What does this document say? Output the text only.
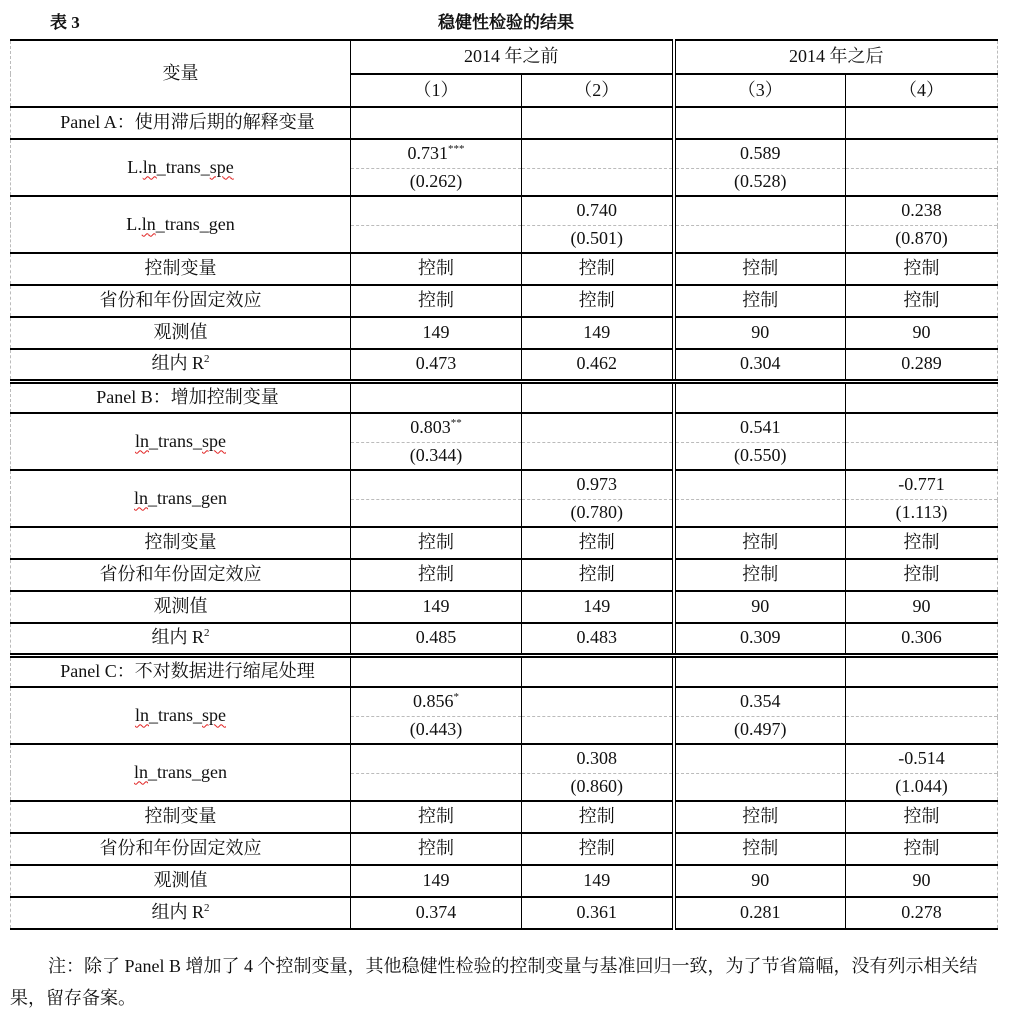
表 3	稳健性检验的结果
变量	2014 年之前		2014 年之后	
	（1）	（2）	（3）	（4）
Panel A：使用滞后期的解释变量				
L.ln_trans_spe	0.731***		0.589	
	(0.262)		(0.528)	
L.ln_trans_gen		0.740		0.238
		(0.501)		(0.870)
控制变量	控制	控制	控制	控制
省份和年份固定效应	控制	控制	控制	控制
观测值	149	149	90	90
组内 $R^2$	0.473	0.462	0.304	0.289
Panel B：增加控制变量				
ln_trans_spe	0.803**		0.541	
	(0.344)		(0.550)	
ln_trans_gen		0.973		-0.771
		(0.780)		(1.113)
控制变量	控制	控制	控制	控制
省份和年份固定效应	控制	控制	控制	控制
观测值	149	149	90	90
组内 $R^2$	0.485	0.483	0.309	0.306
Panel C：不对数据进行缩尾处理				
ln_trans_spe	0.856*		0.354	
	(0.443)		(0.497)	
ln_trans_gen		0.308		-0.514
		(0.860)		(1.044)
控制变量	控制	控制	控制	控制
省份和年份固定效应	控制	控制	控制	控制
观测值	149	149	90	90
组内 $R^2$	0.374	0.361	0.281	0.278
注：除了 Panel B 增加了 4 个控制变量，其他稳健性检验的控制变量与基准回归一致，为了节省篇幅，没有列示相关结果，留存备案。
